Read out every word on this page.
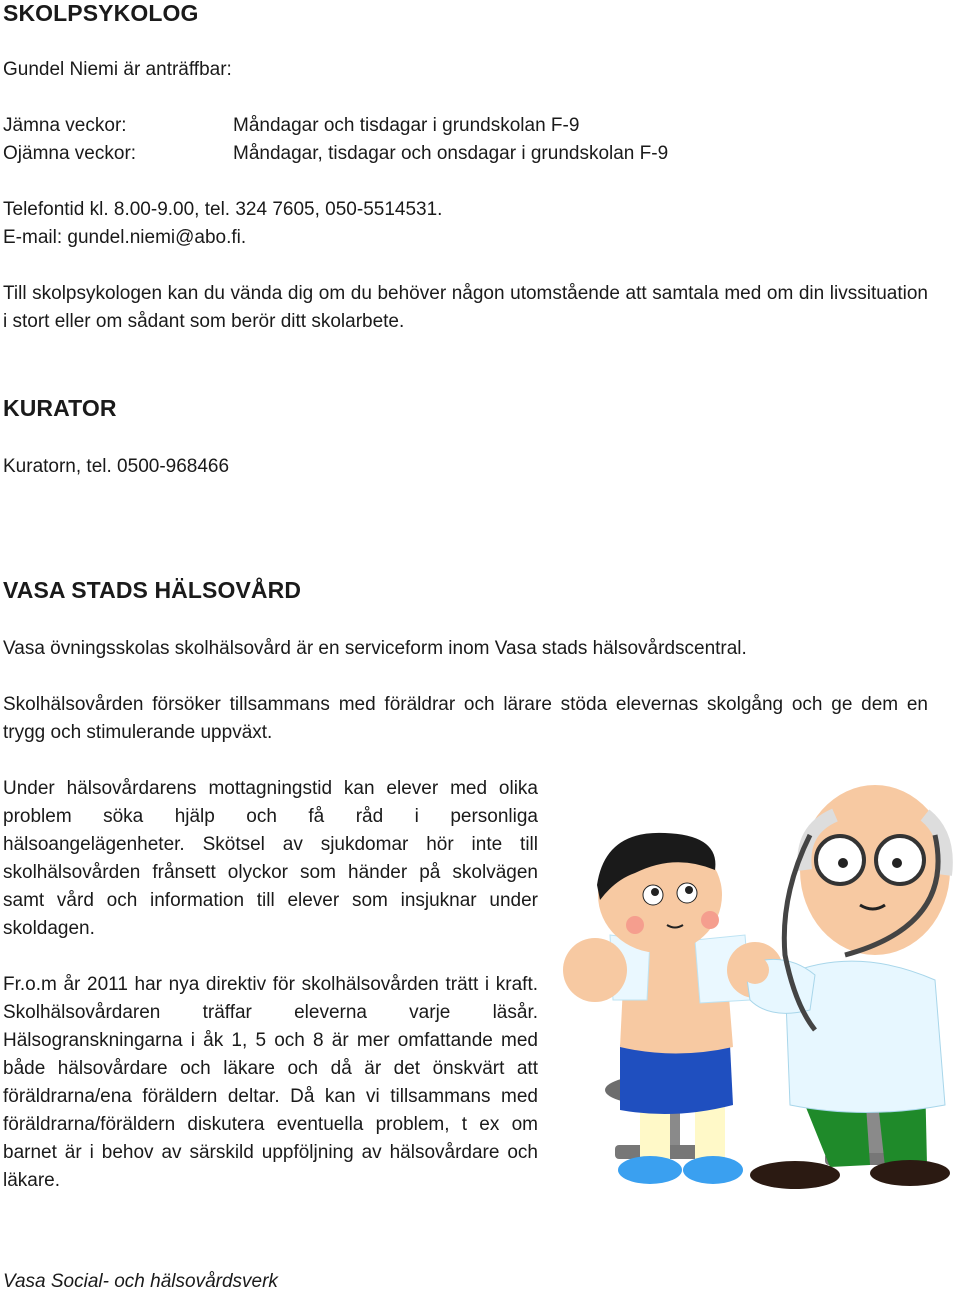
SKOLPSYKOLOG

Gundel Niemi är anträffbar:

Jämna veckor:	Måndagar och tisdagar i grundskolan F-9
Ojämna veckor:	Måndagar, tisdagar och onsdagar i grundskolan F-9

Telefontid kl. 8.00-9.00, tel. 324 7605, 050-5514531.

E-mail: gundel.niemi@abo.fi.

Till skolpsykologen kan du vända dig om du behöver någon utomstående att samtala med om din livssituation i stort eller om sådant som berör ditt skolarbete.

KURATOR

Kuratorn, tel. 0500-968466

VASA STADS HÄLSOVÅRD

Vasa övningsskolas skolhälsovård är en serviceform inom Vasa stads hälsovårdscentral.

Skolhälsovården försöker tillsammans med föräldrar och lärare stöda elevernas skolgång och ge dem en trygg och stimulerande uppväxt.

Under hälsovårdarens mottagningstid kan elever med olika problem söka hjälp och få råd i personliga hälsoangelägenheter. Skötsel av sjukdomar hör inte till skolhälsovården frånsett olyckor som händer på skolvägen samt vård och information till elever som insjuknar under skoldagen.

Fr.o.m år 2011 har nya direktiv för skolhälsovården trätt i kraft. Skolhälsovårdaren träffar eleverna varje läsår. Hälsogranskningarna i åk 1, 5 och 8 är mer omfattande med både hälsovårdare och läkare och då är det önskvärt att föräldrarna/ena föräldern deltar. Då kan vi tillsammans med föräldrarna/föräldern diskutera eventuella problem, t ex om barnet är i behov av särskild uppföljning av hälsovårdare och läkare.

Vasa Social- och hälsovårdsverk
